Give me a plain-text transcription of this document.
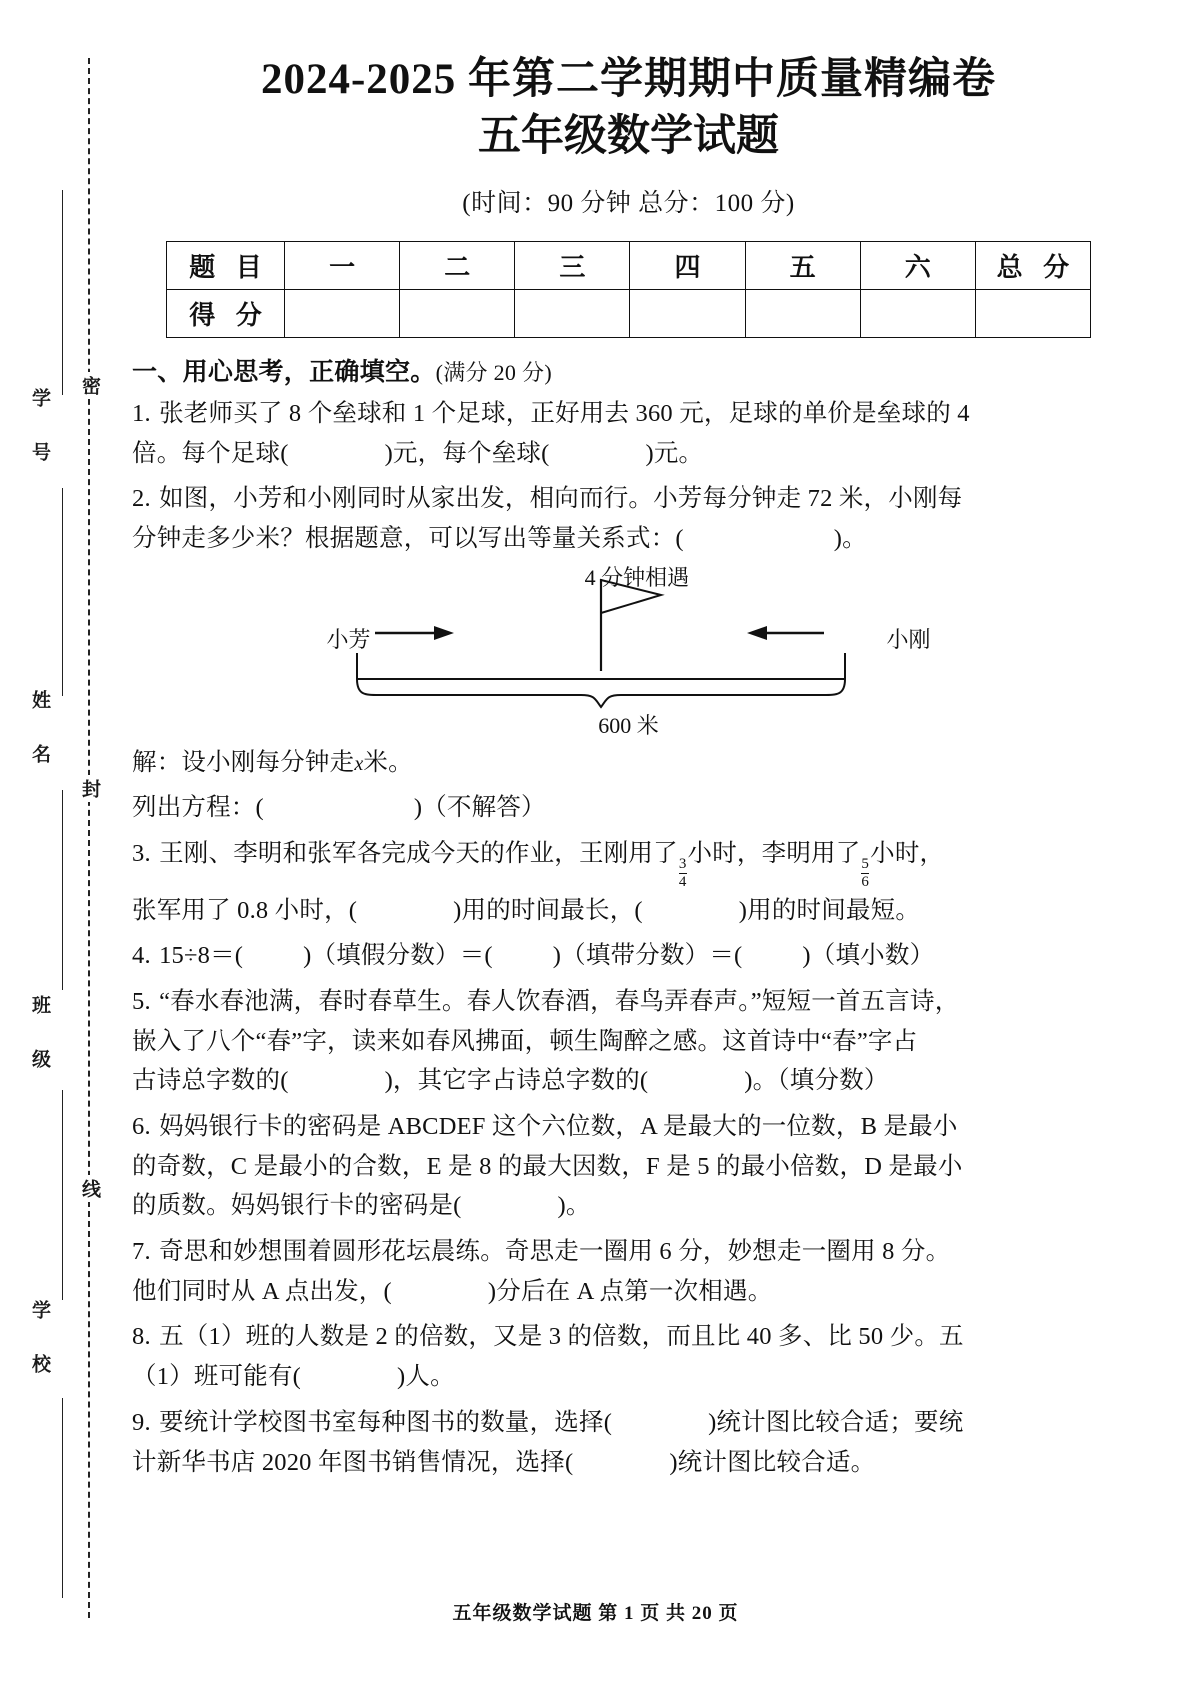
学 号
姓 名
班 级
学 校
密
封
线
2024-2025 年第二学期期中质量精编卷
五年级数学试题
(时间：90 分钟 总分：100 分)
题 目	一	二	三	四	五	六	总 分
得 分							
一、用心思考，正确填空。(满分 20 分)
1. 张老师买了 8 个垒球和 1 个足球，正好用去 360 元，足球的单价是垒球的 4
倍。每个足球(	)元，每个垒球(	)元。
2. 如图，小芳和小刚同时从家出发，相向而行。小芳每分钟走 72 米，小刚每
分钟走多少米？根据题意，可以写出等量关系式：(	)。
4 分钟相遇
小芳	小刚
600 米
解：设小刚每分钟走x米。
列出方程：(	)（不解答）
3. 王刚、李明和张军各完成今天的作业，王刚用了
$\frac{3}{4}$
小时，李明用了
$\frac{5}{6}$
小时，
张军用了 0.8 小时，(	)用的时间最长，(	)用的时间最短。
4. 15÷8＝( )（填假分数）＝( )（填带分数）＝( )（填小数）
5. “春水春池满，春时春草生。春人饮春酒，春鸟弄春声。”短短一首五言诗，
嵌入了八个“春”字，读来如春风拂面，顿生陶醉之感。这首诗中“春”字占
古诗总字数的(	)，其它字占诗总字数的(	)。（填分数）
6. 妈妈银行卡的密码是 ABCDEF 这个六位数，A 是最大的一位数，B 是最小
的奇数，C 是最小的合数，E 是 8 的最大因数，F 是 5 的最小倍数，D 是最小
的质数。妈妈银行卡的密码是(	)。
7. 奇思和妙想围着圆形花坛晨练。奇思走一圈用 6 分，妙想走一圈用 8 分。
他们同时从 A 点出发，(	)分后在 A 点第一次相遇。
8. 五（1）班的人数是 2 的倍数，又是 3 的倍数，而且比 40 多、比 50 少。五
（1）班可能有(	)人。
9. 要统计学校图书室每种图书的数量，选择(	)统计图比较合适；要统
计新华书店 2020 年图书销售情况，选择(	)统计图比较合适。
五年级数学试题 第 1 页 共 20 页
